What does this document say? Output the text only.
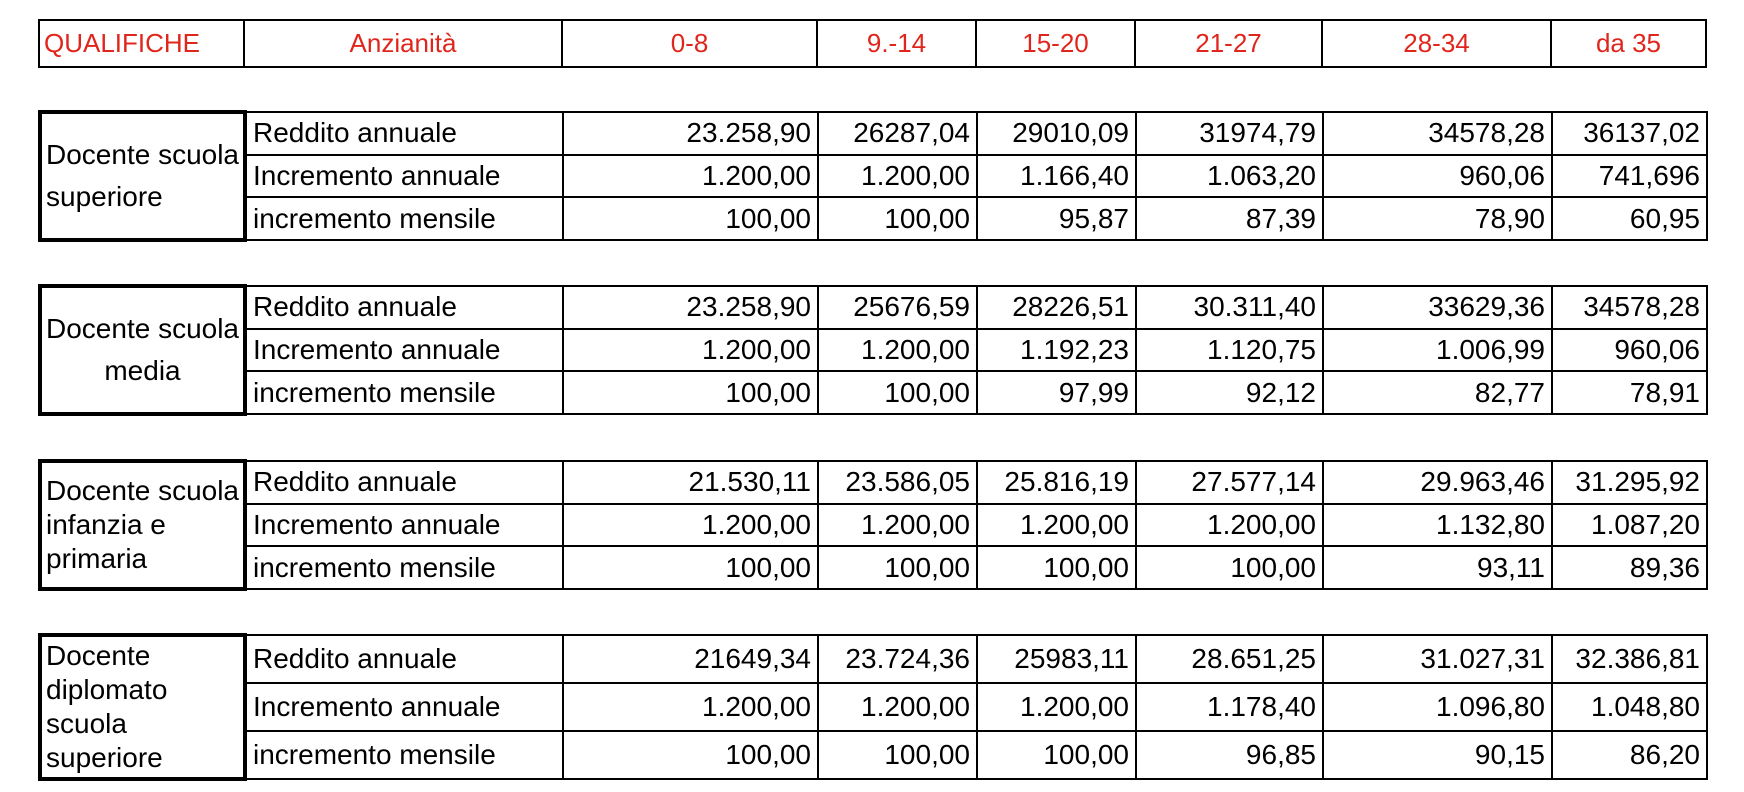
QUALIFICHE	Anzianità	0-8	9.-14	15-20	21-27	28-34	da 35
Docente scuola superiore	Reddito annuale	23.258,90	26287,04	29010,09	31974,79	34578,28	36137,02
	Incremento annuale	1.200,00	1.200,00	1.166,40	1.063,20	960,06	741,696
	incremento mensile	100,00	100,00	95,87	87,39	78,90	60,95
Docente scuola media	Reddito annuale	23.258,90	25676,59	28226,51	30.311,40	33629,36	34578,28
	Incremento annuale	1.200,00	1.200,00	1.192,23	1.120,75	1.006,99	960,06
	incremento mensile	100,00	100,00	97,99	92,12	82,77	78,91
Docente scuola infanzia e primaria	Reddito annuale	21.530,11	23.586,05	25.816,19	27.577,14	29.963,46	31.295,92
	Incremento annuale	1.200,00	1.200,00	1.200,00	1.200,00	1.132,80	1.087,20
	incremento mensile	100,00	100,00	100,00	100,00	93,11	89,36
Docente diplomato scuola superiore	Reddito annuale	21649,34	23.724,36	25983,11	28.651,25	31.027,31	32.386,81
	Incremento annuale	1.200,00	1.200,00	1.200,00	1.178,40	1.096,80	1.048,80
	incremento mensile	100,00	100,00	100,00	96,85	90,15	86,20
